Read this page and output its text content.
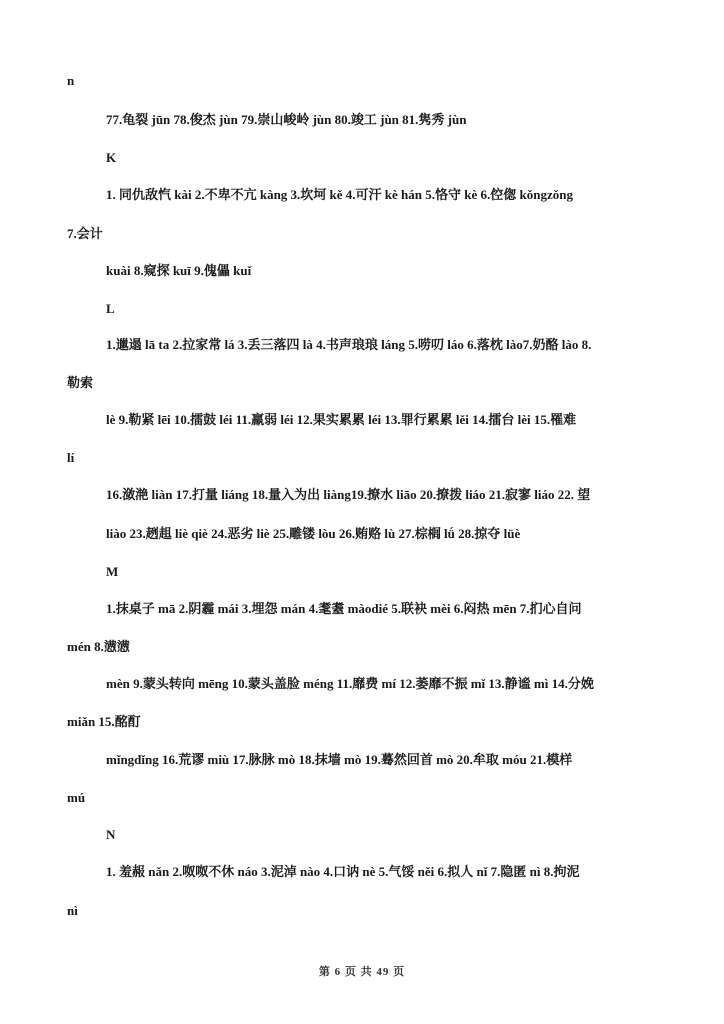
n
77.龟裂 jūn 78.俊杰 jùn 79.崇山峻岭 jùn 80.竣工 jùn 81.隽秀 jùn
K
1. 同仇敌忾 kài 2.不卑不亢 kàng 3.坎坷 kě 4.可汗 kè hán 5.恪守 kè 6.倥偬 kǒngzǒng
7.会计
kuài 8.窥探 kuī 9.傀儡 kuǐ
L
1.邋遢 lā ta 2.拉家常 lá 3.丢三落四 là 4.书声琅琅 láng 5.唠叨 láo 6.落枕 lào7.奶酪 lào 8.
勒索
lè 9.勒紧 lēi 10.擂鼓 léi 11.羸弱 léi 12.果实累累 léi 13.罪行累累 lěi 14.擂台 lèi 15.罹难
lí
16.潋滟 liàn 17.打量 liáng 18.量入为出 liàng19.撩水 liāo 20.撩拨 liáo 21.寂寥 liáo 22. 望
liào 23.趔趄 liè qiè 24.恶劣 liè 25.雕镂 lòu 26.贿赂 lù 27.棕榈 lǘ 28.掠夺 lüè
M
1.抹桌子 mā 2.阴霾 mái 3.埋怨 mán 4.耄耋 màodié 5.联袂 mèi 6.闷热 mēn 7.扪心自问
mén 8.懑懑
mèn 9.蒙头转向 mēng 10.蒙头盖脸 méng 11.靡费 mí 12.萎靡不振 mǐ 13.静谧 mì 14.分娩
miǎn 15.酩酊
mǐngdǐng 16.荒谬 miù 17.脉脉 mò 18.抹墙 mò 19.蓦然回首 mò 20.牟取 móu 21.模样
mú
N
1. 羞赧 nǎn 2.呶呶不休 náo 3.泥淖 nào 4.口讷 nè 5.气馁 něi 6.拟人 nǐ 7.隐匿 nì 8.拘泥
nì
第 6 页 共 49 页
